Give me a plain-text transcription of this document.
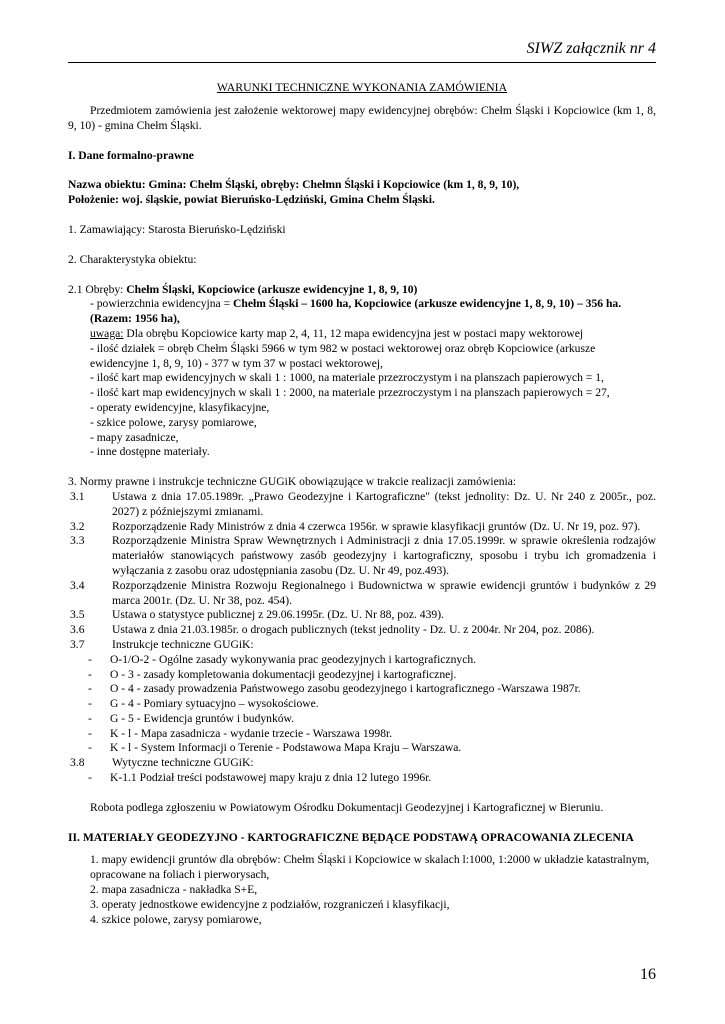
SIWZ załącznik nr 4
WARUNKI TECHNICZNE WYKONANIA ZAMÓWIENIA

Przedmiotem zamówienia jest założenie wektorowej mapy ewidencyjnej obrębów: Chełm Śląski i Kopciowice (km 1, 8, 9, 10) - gmina Chełm Śląski.

I. Dane formalno-prawne

Nazwa obiektu: Gmina: Chełm Śląski, obręby: Chełmn Śląski i Kopciowice (km 1, 8, 9, 10),

Położenie: woj. śląskie, powiat Bieruńsko-Lędziński, Gmina Chełm Śląski.

1. Zamawiający: Starosta Bieruńsko-Lędziński

2. Charakterystyka obiektu:

2.1 Obręby: Chełm Śląski, Kopciowice (arkusze ewidencyjne 1, 8, 9, 10)

- powierzchnia ewidencyjna = Chełm Śląski – 1600 ha, Kopciowice (arkusze ewidencyjne 1, 8, 9, 10) – 356 ha. (Razem: 1956 ha),

uwaga: Dla obrębu Kopciowice karty map 2, 4, 11, 12 mapa ewidencyjna jest w postaci mapy wektorowej

- ilość działek = obręb Chełm Śląski 5966 w tym 982 w postaci wektorowej oraz obręb Kopciowice (arkusze ewidencyjne 1, 8, 9, 10) - 377 w tym 37 w postaci wektorowej,

- ilość kart map ewidencyjnych w skali 1 : 1000, na materiale przezroczystym i na planszach papierowych = 1,

- ilość kart map ewidencyjnych w skali 1 : 2000, na materiale przezroczystym i na planszach papierowych = 27,

- operaty ewidencyjne, klasyfikacyjne,

- szkice polowe, zarysy pomiarowe,

- mapy zasadnicze,

- inne dostępne materiały.

3. Normy prawne i instrukcje techniczne GUGiK obowiązujące w trakcie realizacji zamówienia:

3.1	Ustawa z dnia 17.05.1989r. „Prawo Geodezyjne i Kartograficzne" (tekst jednolity: Dz. U. Nr 240 z 2005r., poz. 2027) z późniejszymi zmianami.
3.2	Rozporządzenie Rady Ministrów z dnia 4 czerwca 1956r. w sprawie klasyfikacji gruntów (Dz. U. Nr 19, poz. 97).
3.3	Rozporządzenie Ministra Spraw Wewnętrznych i Administracji z dnia 17.05.1999r. w sprawie określenia rodzajów materiałów stanowiących państwowy zasób geodezyjny i kartograficzny, sposobu i trybu ich gromadzenia i wyłączania z zasobu oraz udostępniania zasobu (Dz. U. Nr 49, poz.493).
3.4	Rozporządzenie Ministra Rozwoju Regionalnego i Budownictwa w sprawie ewidencji gruntów i budynków z 29 marca 2001r. (Dz. U. Nr 38, poz. 454).
3.5	Ustawa o statystyce publicznej z 29.06.1995r. (Dz. U. Nr 88, poz. 439).
3.6	Ustawa z dnia 21.03.1985r. o drogach publicznych (tekst jednolity - Dz. U. z 2004r. Nr 204, poz. 2086).
3.7	Instrukcje techniczne GUGiK:
-	O-1/O-2 - Ogólne zasady wykonywania prac geodezyjnych i kartograficznych.
-	O - 3 - zasady kompletowania dokumentacji geodezyjnej i kartograficznej.
-	O - 4 - zasady prowadzenia Państwowego zasobu geodezyjnego i kartograficznego -Warszawa 1987r.
-	G - 4 - Pomiary sytuacyjno – wysokościowe.
-	G - 5 - Ewidencja gruntów i budynków.
-	K - l - Mapa zasadnicza - wydanie trzecie - Warszawa 1998r.
-	K - l - System Informacji o Terenie - Podstawowa Mapa Kraju – Warszawa.
3.8	Wytyczne techniczne GUGiK:
-	K-1.1 Podział treści podstawowej mapy kraju z dnia 12 lutego 1996r.

Robota podlega zgłoszeniu w Powiatowym Ośrodku Dokumentacji Geodezyjnej i Kartograficznej w Bieruniu.

II. MATERIAŁY GEODEZYJNO - KARTOGRAFICZNE BĘDĄCE PODSTAWĄ OPRACOWANIA ZLECENIA

1. mapy ewidencji gruntów dla obrębów: Chełm Śląski i Kopciowice w skalach l:1000, 1:2000 w układzie katastralnym, opracowane na foliach i pierworysach,

2. mapa zasadnicza - nakładka S+E,

3. operaty jednostkowe ewidencyjne z podziałów, rozgraniczeń i klasyfikacji,

4. szkice polowe, zarysy pomiarowe,

16
